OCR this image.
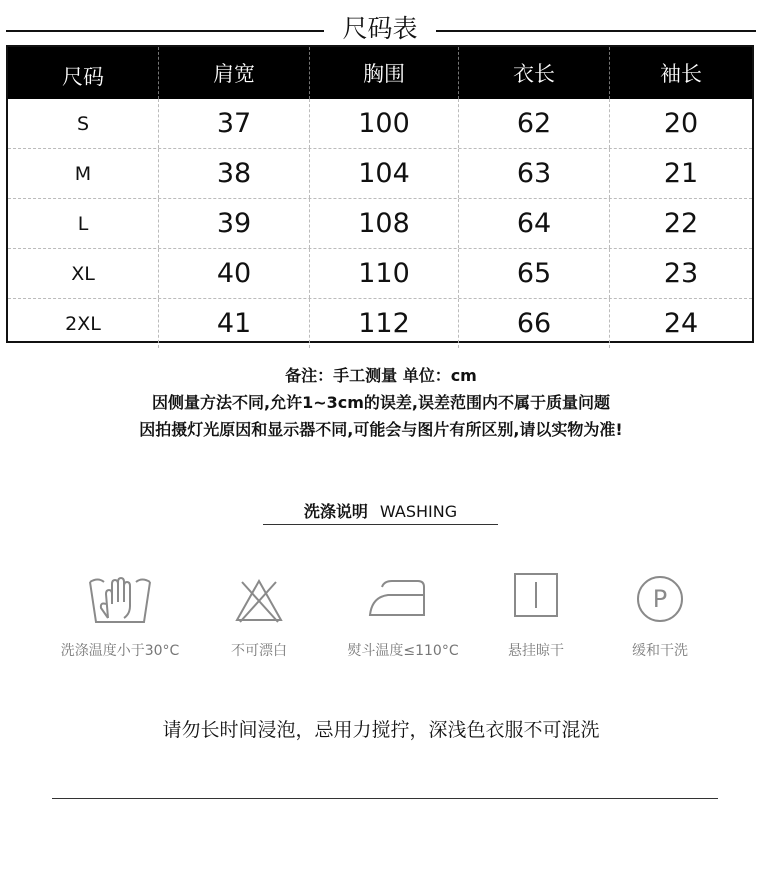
尺码表
尺码	肩宽	胸围	衣长	袖长
S	37	100	62	20
M	38	104	63	21
L	39	108	64	22
XL	40	110	65	23
2XL	41	112	66	24
备注：手工测量 单位：cm
因侧量方法不同,允许1~3cm的误差,误差范围内不属于质量问题
因拍摄灯光原因和显示器不同,可能会与图片有所区别,请以实物为准!
洗涤说明 WASHING
洗涤温度小于30°C	不可漂白	熨斗温度≤110°C	悬挂晾干
P
缓和干洗
请勿长时间浸泡，忌用力搅拧，深浅色衣服不可混洗
